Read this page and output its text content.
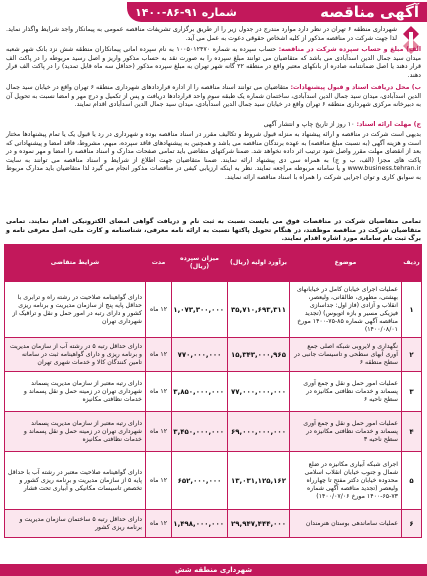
آگهی مناقصه
شماره ۹۱-۸۶-۱۴۰۰
شهرداری منطقه ۶ تهران در نظر دارد موارد مندرج در جدول زیر را از طریق برگزاری تشریفات مناقصه عمومی به پیمانکار واجد شرایط واگذار نماید. لذا جهت شرکت در مناقصه مذکور از کلیه اشخاص حقوقی دعوت به عمل می آید.
الف) مبلغ و حساب سپرده شرکت در مناقصه: حساب سپرده به شماره ۱۰۰۵۰۱۲۴۷۰ به نام سپرده امانی پیمانکاران منطقه شش نزد بانک شهر شعبه میدان سید جمال الدین اسدآبادی می باشد که متقاضیان می توانند مبلغ سپرده را به صورت نقد به حساب مذکور واریز و اصل رسید مربوطه را در پاکت الف قرار دهند یا اصل ضمانتنامه صادره از بانکهای معتبر واقع در منطقه ۲۲ گانه شهر تهران به مبلغ سپرده مذکور (حداقل سه ماه قابل تمدید) را در پاکت الف قرار دهند.
ب) محل دریافت اسناد و قبول پیشنهادات: متقاضیان می توانند اسناد مناقصه را از اداره قراردادهای شهرداری منطقه ۶ تهران واقع در خیابان سید جمال الدین اسدآبادی، میدان سید جمال الدین اسدآبادی، ساختمان شماره یک طبقه سوم واحد قراردادها دریافت و پس از تکمیل و درج مهر و امضا نسبت به تحویل آن به دبیرخانه مرکزی شهرداری منطقه ۶ تهران واقع در خیابان سید جمال الدین اسدآبادی، میدان سید جمال الدین اسدآبادی اقدام نمایند.
ج) مهلت ارائه اسناد: ۱۰ روز از تاریخ چاپ و انتشار آگهی
بدیهی است شرکت در مناقصه و ارائه پیشنهاد به منزله قبول شروط و تکالیف مقرر در اسناد مناقصه بوده و شهرداری در رد یا قبول یک یا تمام پیشنهادها مختار است و هزینه آگهی (به نسبت مبلغ مناقصه) به عهده برندگان مناقصه می باشد و همچنین به پیشنهادهای فاقد سپرده، مبهم، مشروط، فاقد امضا و پیشنهاداتی که بعد از انقضای مهلت مقرر واصل شود ترتیب اثر داده نخواهد شد. ضمنا شرکتهای متقاضی باید تمامی صفحات مدارک و اسناد مناقصه را امضا و مهر نموده و در پاکت های مجزا (الف، ب و ج) به همراه سی دی پیشنهاد ارائه نمایند. ضمنا متقاضیان جهت اطلاع از شرایط و اسناد مناقصه می توانند به سایت www.business.tehran.ir و یا سامانه مربوطه مراجعه نمایند. نظر به اینکه ارزیابی کیفی در مناقصات مذکور انجام می گیرد لذا متقاضیان باید مدارک مربوط به سوابق کاری و توان اجرایی شرکت را همراه با اسناد مناقصه ارائه نمایند.
تمامی متقاضیان شرکت در مناقصات فوق می بایست نسبت به ثبت نام و دریافت گواهی امضای الکترونیکی اقدام نمایند. تمامی متقاضیان شرکت در مناقصه موظفند، در هنگام تحویل پاکتها نسبت به ارائه نامه معرفی، شناسنامه و کارت ملی، اصل معرفی نامه و برگ ثبت نام سامانه مورد اشاره اقدام نمایند.
ردیف	موضوع	برآورد اولیه (ریال)	میزان سپرده (ریال)	مدت	شرایط متقاضی
۱	عملیات اجرای خیابان کامل در خیابانهای بهشتی، مطهری، طالقانی، ولیعصر، انقلاب و آزادی (فاز اول: جداسازی فیزیکی مسیر و بازه اتوبوس) (تجدید مناقصه آگهی شماره ۸۵-۷۵-۱۴۰۰ مورخ ۱۴۰۰/۰۸/۰۱)	۳۵,۷۱۰,۶۹۳,۳۱۱	۱,۰۷۳,۳۰۰,۰۰۰	۱۲ ماه	دارای گواهینامه صلاحیت در رشته راه و ترابری با حداقل پایه پنج از سازمان مدیریت و برنامه ریزی کشور و دارای رتبه در امور حمل و نقل و ترافیک از شهرداری تهران
۲	نگهداری و لایروبی شبکه اصلی جمع آوری آبهای سطحی و تاسیسات جانبی در سطح منطقه ۶	۱۵,۳۴۳,۰۰۰,۹۶۵	۷۷۰,۰۰۰,۰۰۰	۱۲ ماه	دارای حداقل رتبه ۵ در رشته آب از سازمان مدیریت و برنامه ریزی و دارای گواهینامه ثبت در سامانه تامین کنندگان کالا و خدمات شهری تهران
۳	عملیات امور حمل و نقل و جمع آوری پسماند و خدمات نظافتی مکانیزه در سطح ناحیه ۶	۷۷,۰۰۰,۰۰۰,۰۰۰	۳,۸۵۰,۰۰۰,۰۰۰	۱۲ ماه	دارای رتبه معتبر از سازمان مدیریت پسماند شهرداری تهران در زمینه حمل و نقل پسماند و خدمات نظافتی مکانیزه
۴	عملیات امور حمل و نقل و جمع آوری پسماند و خدمات نظافتی مکانیزه در سطح ناحیه ۳	۶۹,۰۰۰,۰۰۰,۰۰۰	۳,۴۵۰,۰۰۰,۰۰۰	۱۲ ماه	دارای رتبه معتبر از سازمان مدیریت پسماند شهرداری تهران در زمینه حمل و نقل پسماند و خدمات نظافتی مکانیزه
۵	اجرای شبکه آبیاری مکانیزه در ضلع شمال و جنوب خیابان انقلاب اسلامی محدوده خیابان دکتر مفتح تا چهارراه ولیعصر (تجدید مناقصه آگهی شماره ۷۳-۶۵-۱۴۰۰ مورخ ۱۴۰۰/۰۷/۰۶)	۱۳,۰۳۱,۱۲۵,۱۶۲	۶۵۲,۰۰۰,۰۰۰	۱۲ ماه	دارای گواهینامه صلاحیت معتبر در رشته آب با حداقل پایه ۵ از سازمان مدیریت و برنامه ریزی کشور و تخصص تاسیسات مکانیکی و آبیاری تحت فشار
۶	عملیات ساماندهی بوستان هنرمندان	۲۹,۹۴۷,۴۴۴,۰۰۰	۱,۴۹۸,۰۰۰,۰۰۰	۱۲ ماه	دارای حداقل رتبه ۵ ساختمان سازمان مدیریت و برنامه ریزی کشور
شهرداری منطقه شش
